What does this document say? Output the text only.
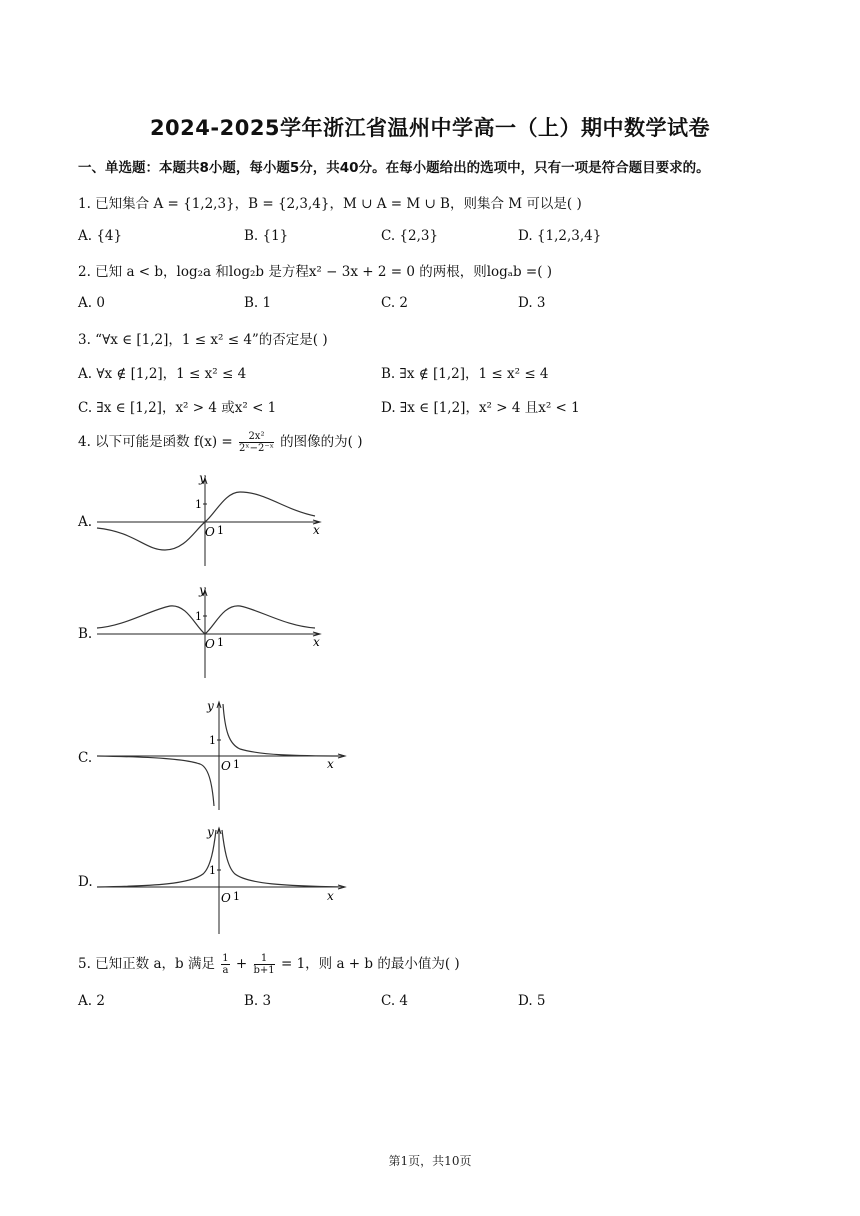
2024-2025学年浙江省温州中学高一（上）期中数学试卷
一、单选题：本题共8小题，每小题5分，共40分。在每小题给出的选项中，只有一项是符合题目要求的。
1. 已知集合 A = {1,2,3}，B = {2,3,4}，M ∪ A = M ∪ B，则集合 M 可以是( )
A. {4}	B. {1}	C. {2,3}	D. {1,2,3,4}
2. 已知 a < b，log₂a 和log₂b 是方程x² − 3x + 2 = 0 的两根，则logₐb =( )
A. 0	B. 1	C. 2	D. 3
3. “∀x ∈ [1,2]，1 ≤ x² ≤ 4”的否定是( )
A. ∀x ∉ [1,2]，1 ≤ x² ≤ 4	B. ∃x ∉ [1,2]，1 ≤ x² ≤ 4
C. ∃x ∈ [1,2]，x² > 4 或x² < 1	D. ∃x ∈ [1,2]，x² > 4 且x² < 1
4. 以下可能是函数 $f(x) = \frac{\text{2x²}}{\text{2ˣ−2⁻ˣ}}$ 的图像的为( )
A.
y
1
O 1	x
B.
y
1
O 1	x
C.
y
1
O 1	x
D.
y
1
O 1	x
5. 已知正数 a，b 满足 $\frac{1}{a} + \frac{1}{b+1} = 1$，则 a + b 的最小值为( )
A. 2	B. 3	C. 4	D. 5
第1页，共10页
